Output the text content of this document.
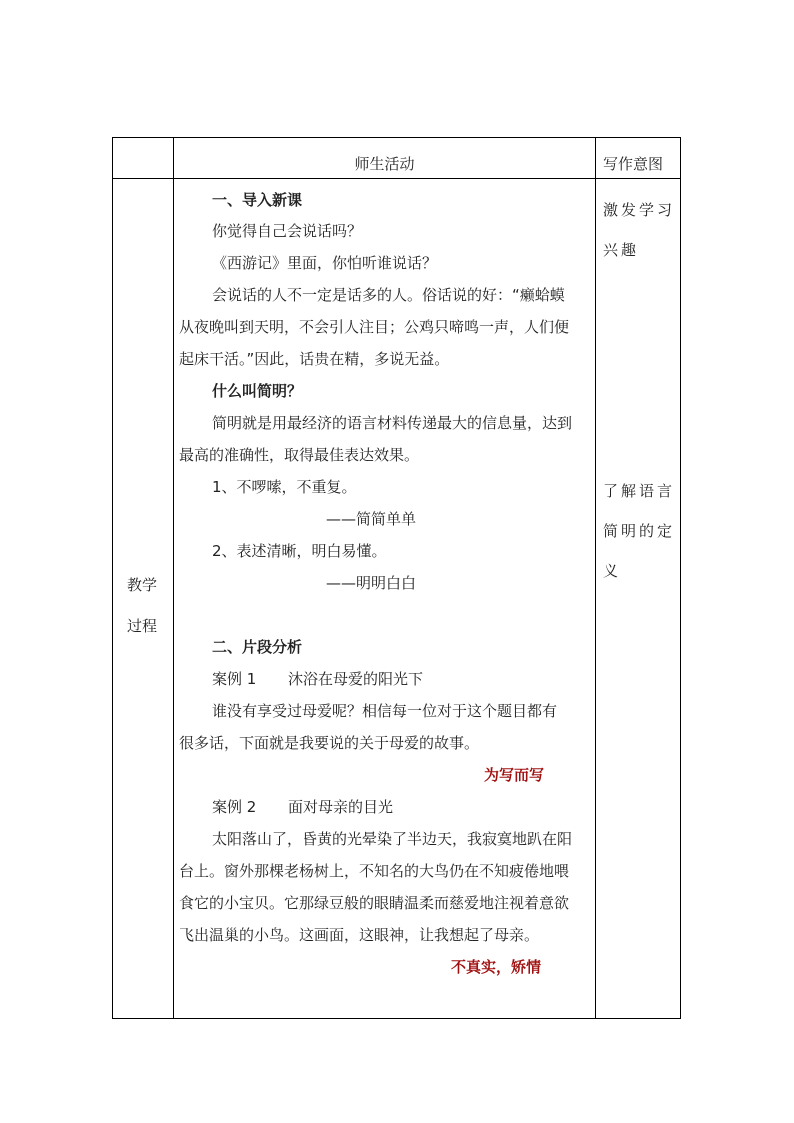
师生活动	写作意图
教学
过程
一、导入新课
你觉得自己会说话吗？
《西游记》里面，你怕听谁说话？
会说话的人不一定是话多的人。俗话说的好：“癞蛤蟆
从夜晚叫到天明，不会引人注目；公鸡只啼鸣一声，人们便
起床干活。”因此，话贵在精，多说无益。
什么叫简明？
简明就是用最经济的语言材料传递最大的信息量，达到
最高的准确性，取得最佳表达效果。
1、不啰嗦，不重复。
——简简单单
2、表述清晰，明白易懂。
——明明白白
二、片段分析
案例 1 沐浴在母爱的阳光下
谁没有享受过母爱呢？相信每一位对于这个题目都有
很多话，下面就是我要说的关于母爱的故事。
为写而写
案例 2 面对母亲的目光
太阳落山了，昏黄的光晕染了半边天，我寂寞地趴在阳
台上。窗外那棵老杨树上，不知名的大鸟仍在不知疲倦地喂
食它的小宝贝。它那绿豆般的眼睛温柔而慈爱地注视着意欲
飞出温巢的小鸟。这画面，这眼神，让我想起了母亲。
不真实，矫情
激发学习
兴趣
了解语言
简明的定
义
